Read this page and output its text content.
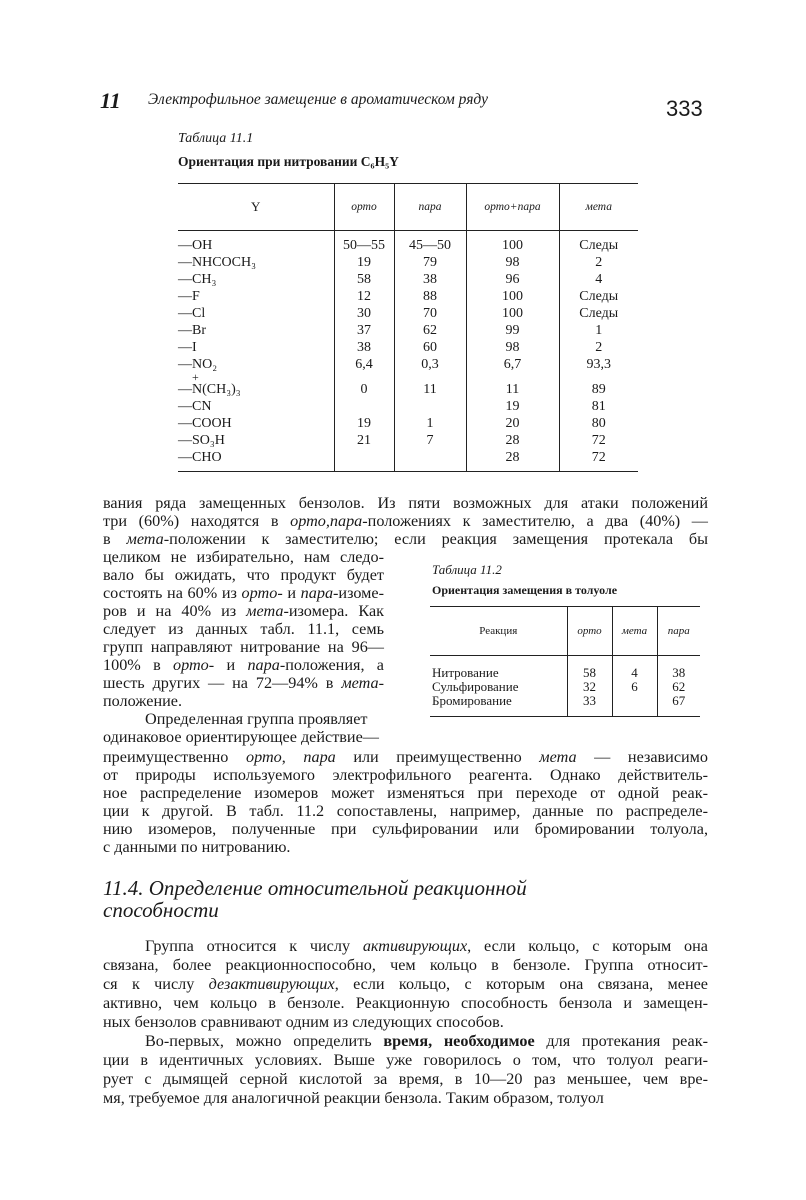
11 Электрофильное замещение в ароматическом ряду	333
Таблица 11.1
Ориентация при нитровании C₆H₅Y
Y	орто	пара	орто+пара	мета
—OH	50—55	45—50	100	Следы
—NHCOCH₃	19	79	98	2
—CH₃	58	38	96	4
—F	12	88	100	Следы
—Cl	30	70	100	Следы
—Br	37	62	99	1
—I	38	60	98	2
—NO₂	6,4	0,3	6,7	93,3

+
—N(CH₃)₃	0	11	11	89
—CN			19	81
—COOH	19	1	20	80
—SO₃H	21	7	28	72
—CHO			28	72
Таблица 11.2
Ориентация замещения в толуоле
Реакция	орто	мета	пара
Нитрование	58	4	38
Сульфирование	32	6	62
Бромирование	33		67
вания ряда замещенных бензолов. Из пяти возможных для атаки положений
три (60%) находятся в орто,пара-положениях к заместителю, а два (40%) —
в мета-положении к заместителю; если реакция замещения протекала бы
целиком не избирательно, нам следо-
вало бы ожидать, что продукт будет
состоять на 60% из орто- и пара-изоме-
ров и на 40% из мета-изомера. Как
следует из данных табл. 11.1, семь
групп направляют нитрование на 96—
100% в орто- и пара-положения, а
шесть других — на 72—94% в мета-
положение.
Определенная группа проявляет
одинаковое ориентирующее действие—
преимущественно орто, пара или преимущественно мета — независимо
от природы используемого электрофильного реагента. Однако действитель-
ное распределение изомеров может изменяться при переходе от одной реак-
ции к другой. В табл. 11.2 сопоставлены, например, данные по распределе-
нию изомеров, полученные при сульфировании или бромировании толуола,
с данными по нитрованию.
11.4. Определение относительной реакционной
способности
Группа относится к числу активирующих, если кольцо, с которым она
связана, более реакционноспособно, чем кольцо в бензоле. Группа относит-
ся к числу дезактивирующих, если кольцо, с которым она связана, менее
активно, чем кольцо в бензоле. Реакционную способность бензола и замещен-
ных бензолов сравнивают одним из следующих способов.
Во-первых, можно определить время, необходимое для протекания реак-
ции в идентичных условиях. Выше уже говорилось о том, что толуол реаги-
рует с дымящей серной кислотой за время, в 10—20 раз меньшее, чем вре-
мя, требуемое для аналогичной реакции бензола. Таким образом, толуол
